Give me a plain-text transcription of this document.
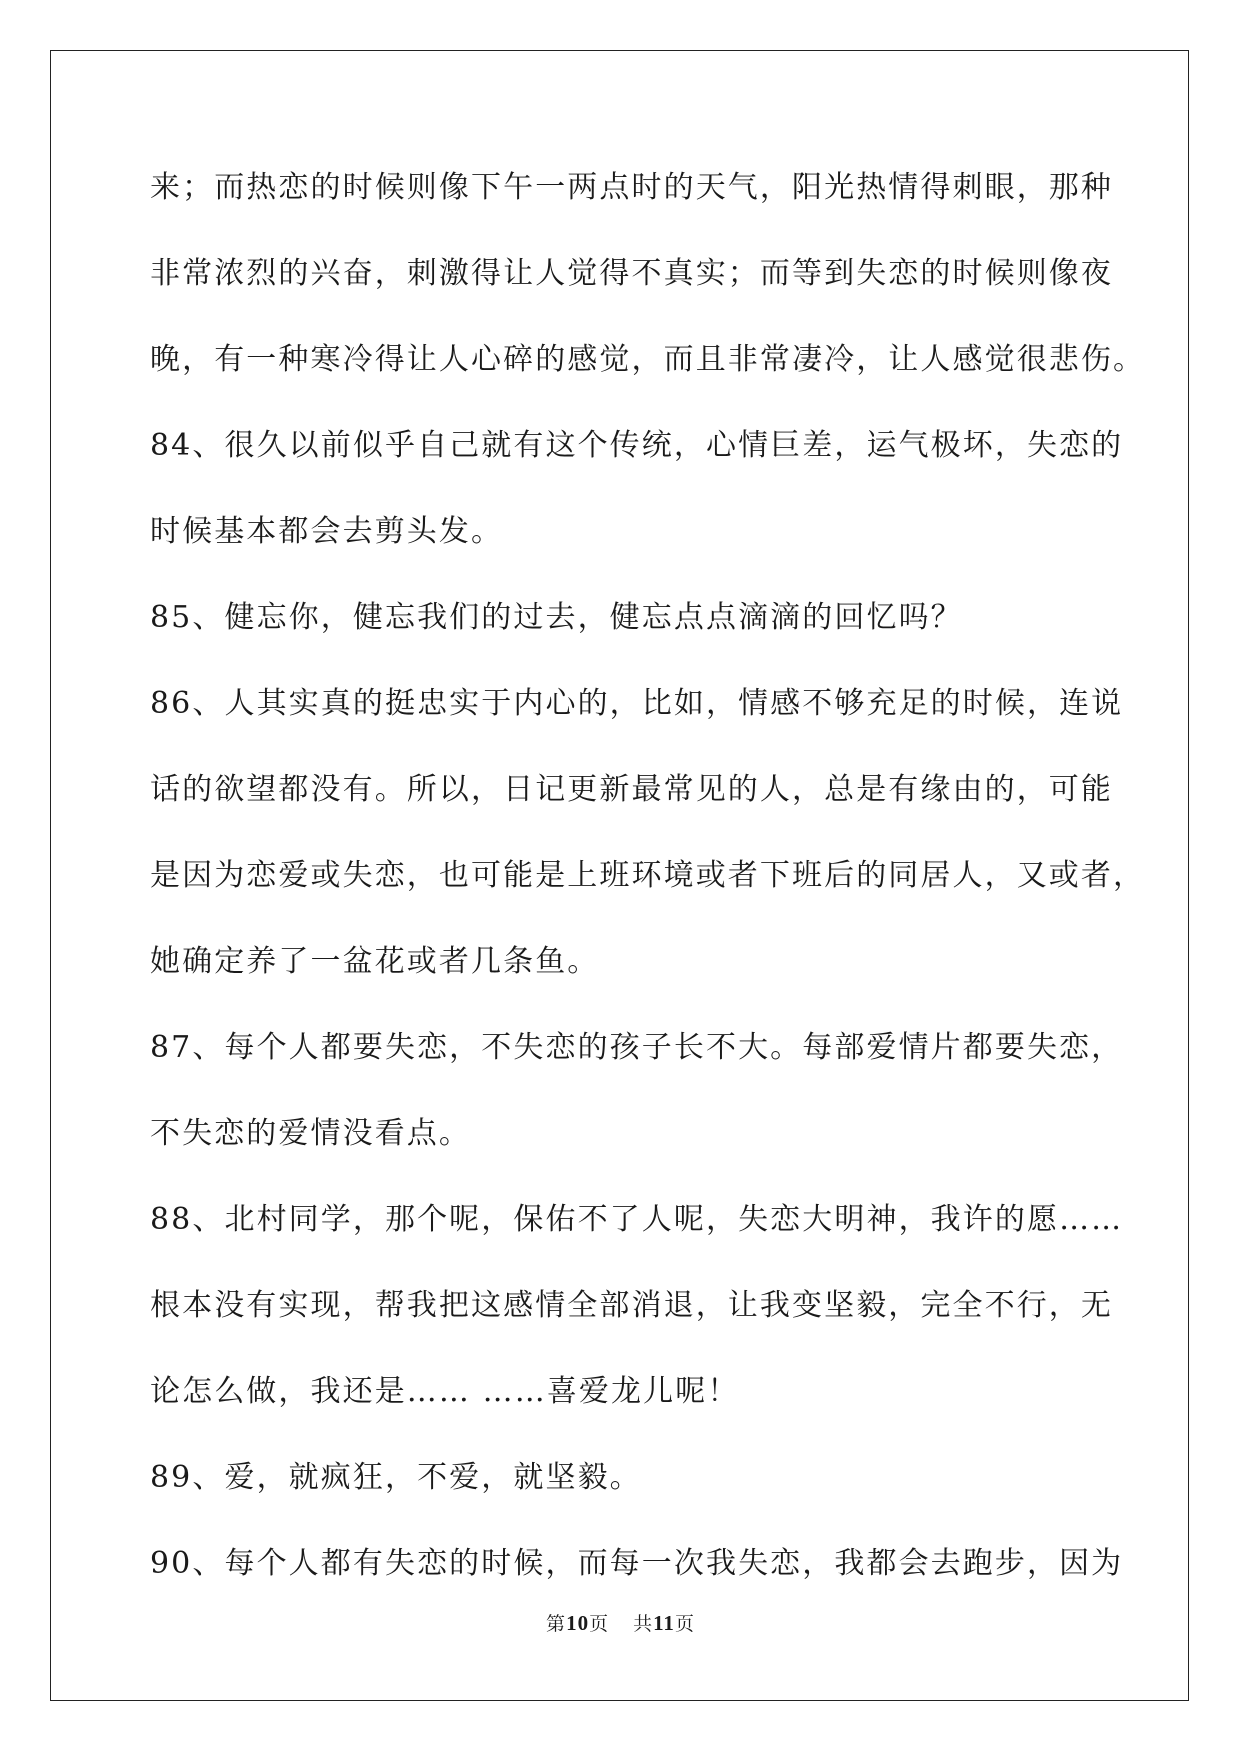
来；而热恋的时候则像下午一两点时的天气，阳光热情得刺眼，那种
非常浓烈的兴奋，刺激得让人觉得不真实；而等到失恋的时候则像夜
晚，有一种寒冷得让人心碎的感觉，而且非常凄冷，让人感觉很悲伤。
84、很久以前似乎自己就有这个传统，心情巨差，运气极坏，失恋的
时候基本都会去剪头发。
85、健忘你，健忘我们的过去，健忘点点滴滴的回忆吗？
86、人其实真的挺忠实于内心的，比如，情感不够充足的时候，连说
话的欲望都没有。所以，日记更新最常见的人，总是有缘由的，可能
是因为恋爱或失恋，也可能是上班环境或者下班后的同居人，又或者，
她确定养了一盆花或者几条鱼。
87、每个人都要失恋，不失恋的孩子长不大。每部爱情片都要失恋，
不失恋的爱情没看点。
88、北村同学，那个呢，保佑不了人呢，失恋大明神，我许的愿……
根本没有实现，帮我把这感情全部消退，让我变坚毅，完全不行，无
论怎么做，我还是…… ……喜爱龙儿呢！
89、爱，就疯狂，不爱，就坚毅。
90、每个人都有失恋的时候，而每一次我失恋，我都会去跑步，因为
第10页 共11页
